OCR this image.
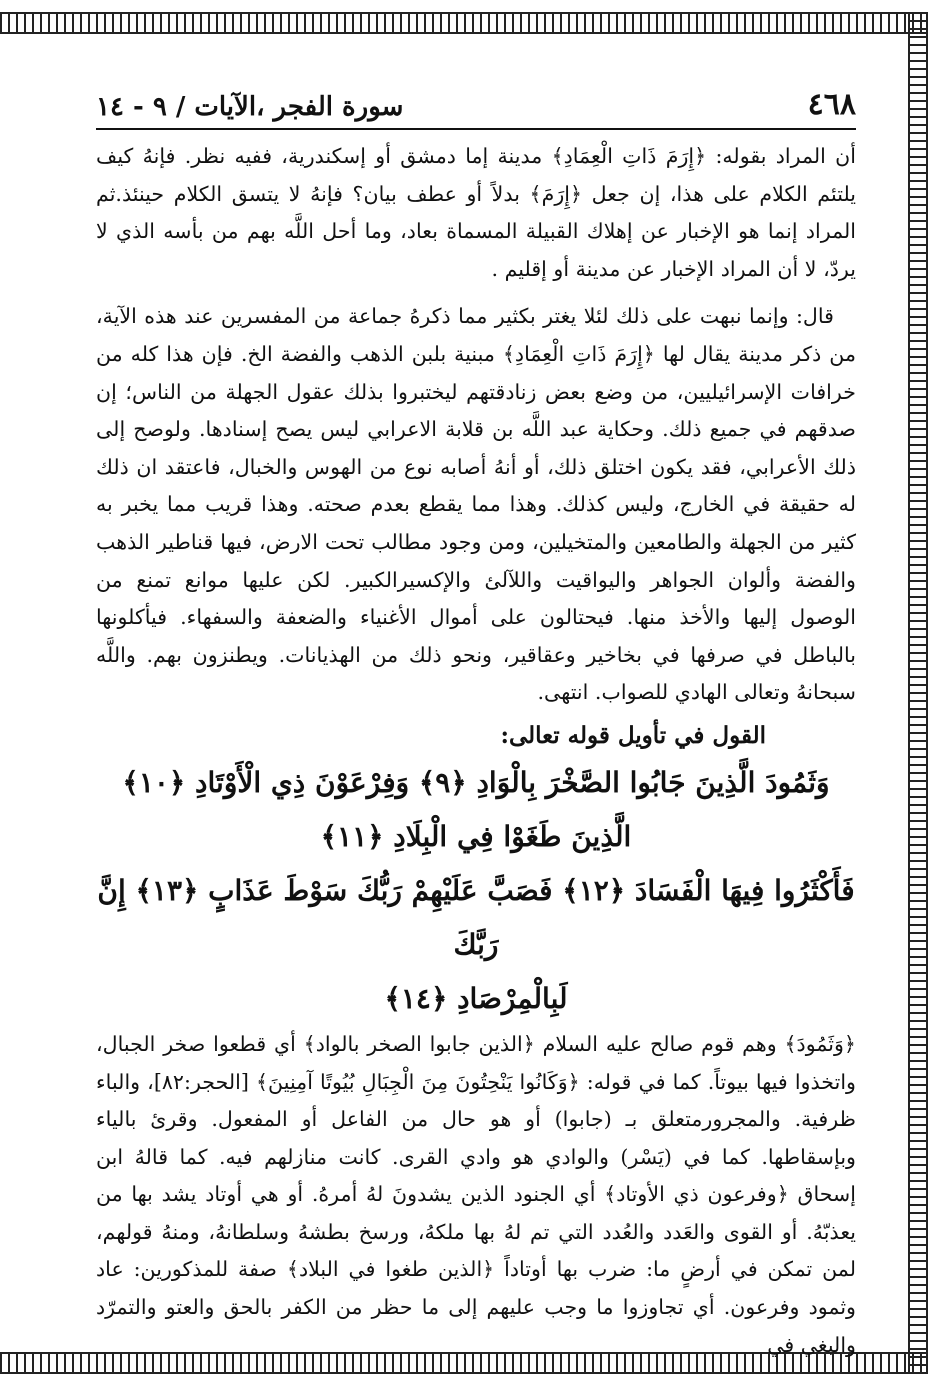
٤٦٨
سورة الفجر ،الآيات / ٩ - ١٤

أن المراد بقوله: ﴿إِرَمَ ذَاتِ الْعِمَادِ﴾ مدينة إما دمشق أو إسكندرية، ففيه نظر. فإنهُ كيف يلتئم الكلام على هذا، إن جعل ﴿إِرَمَ﴾ بدلاً أو عطف بيان؟ فإنهُ لا يتسق الكلام حينئذ.ثم المراد إنما هو الإخبار عن إهلاك القبيلة المسماة بعاد، وما أحل اللَّه بهم من بأسه الذي لا يردّ، لا أن المراد الإخبار عن مدينة أو إقليم .

قال: وإنما نبهت على ذلك لئلا يغتر بكثير مما ذكرهُ جماعة من المفسرين عند هذه الآية، من ذكر مدينة يقال لها ﴿إِرَمَ ذَاتِ الْعِمَادِ﴾ مبنية بلبن الذهب والفضة الخ. فإن هذا كله من خرافات الإسرائيليين، من وضع بعض زنادقتهم ليختبروا بذلك عقول الجهلة من الناس؛ إن صدقهم في جميع ذلك. وحكاية عبد اللَّه بن قلابة الاعرابي ليس يصح إسنادها. ولوصح إلى ذلك الأعرابي، فقد يكون اختلق ذلك، أو أنهُ أصابه نوع من الهوس والخبال، فاعتقد ان ذلك له حقيقة في الخارج، وليس كذلك. وهذا مما يقطع بعدم صحته. وهذا قريب مما يخبر به كثير من الجهلة والطامعين والمتخيلين، ومن وجود مطالب تحت الارض، فيها قناطير الذهب والفضة وألوان الجواهر واليواقيت واللآلئ والإكسيرالكبير. لكن عليها موانع تمنع من الوصول إليها والأخذ منها. فيحتالون على أموال الأغنياء والضعفة والسفهاء. فيأكلونها بالباطل في صرفها في بخاخير وعقاقير، ونحو ذلك من الهذيانات. ويطنزون بهم. واللَّه سبحانهُ وتعالى الهادي للصواب. انتهى.

القول في تأويل قوله تعالى:

وَثَمُودَ الَّذِينَ جَابُوا الصَّخْرَ بِالْوَادِ ﴿٩﴾ وَفِرْعَوْنَ ذِي الْأَوْتَادِ ﴿١٠﴾ الَّذِينَ طَغَوْا فِي الْبِلَادِ ﴿١١﴾

فَأَكْثَرُوا فِيهَا الْفَسَادَ ﴿١٢﴾ فَصَبَّ عَلَيْهِمْ رَبُّكَ سَوْطَ عَذَابٍ ﴿١٣﴾ إِنَّ رَبَّكَ

لَبِالْمِرْصَادِ ﴿١٤﴾

﴿وَثَمُودَ﴾ وهم قوم صالح عليه السلام ﴿الذين جابوا الصخر بالواد﴾ أي قطعوا صخر الجبال، واتخذوا فيها بيوتاً. كما في قوله: ﴿وَكَانُوا يَنْحِتُونَ مِنَ الْجِبَالِ بُيُوتًا آمِنِينَ﴾ [الحجر:٨٢]، والباء ظرفية. والمجرورمتعلق بـ (جابوا) أو هو حال من الفاعل أو المفعول. وقرئ بالياء وبإسقاطها. كما في (يَسْر) والوادي هو وادي القرى. كانت منازلهم فيه. كما قالهُ ابن إسحاق ﴿وفرعون ذي الأوتاد﴾ أي الجنود الذين يشدونَ لهُ أمرهُ. أو هي أوتاد يشد بها من يعذبّهُ. أو القوى والعَدد والعُدد التي تم لهُ بها ملكهُ، ورسخ بطشهُ وسلطانهُ، ومنهُ قولهم، لمن تمكن في أرضٍ ما: ضرب بها أوتاداً ﴿الذين طغوا في البلاد﴾ صفة للمذكورين: عاد وثمود وفرعون. أي تجاوزوا ما وجب عليهم إلى ما حظر من الكفر بالحق والعتو والتمرّد والبغي في
